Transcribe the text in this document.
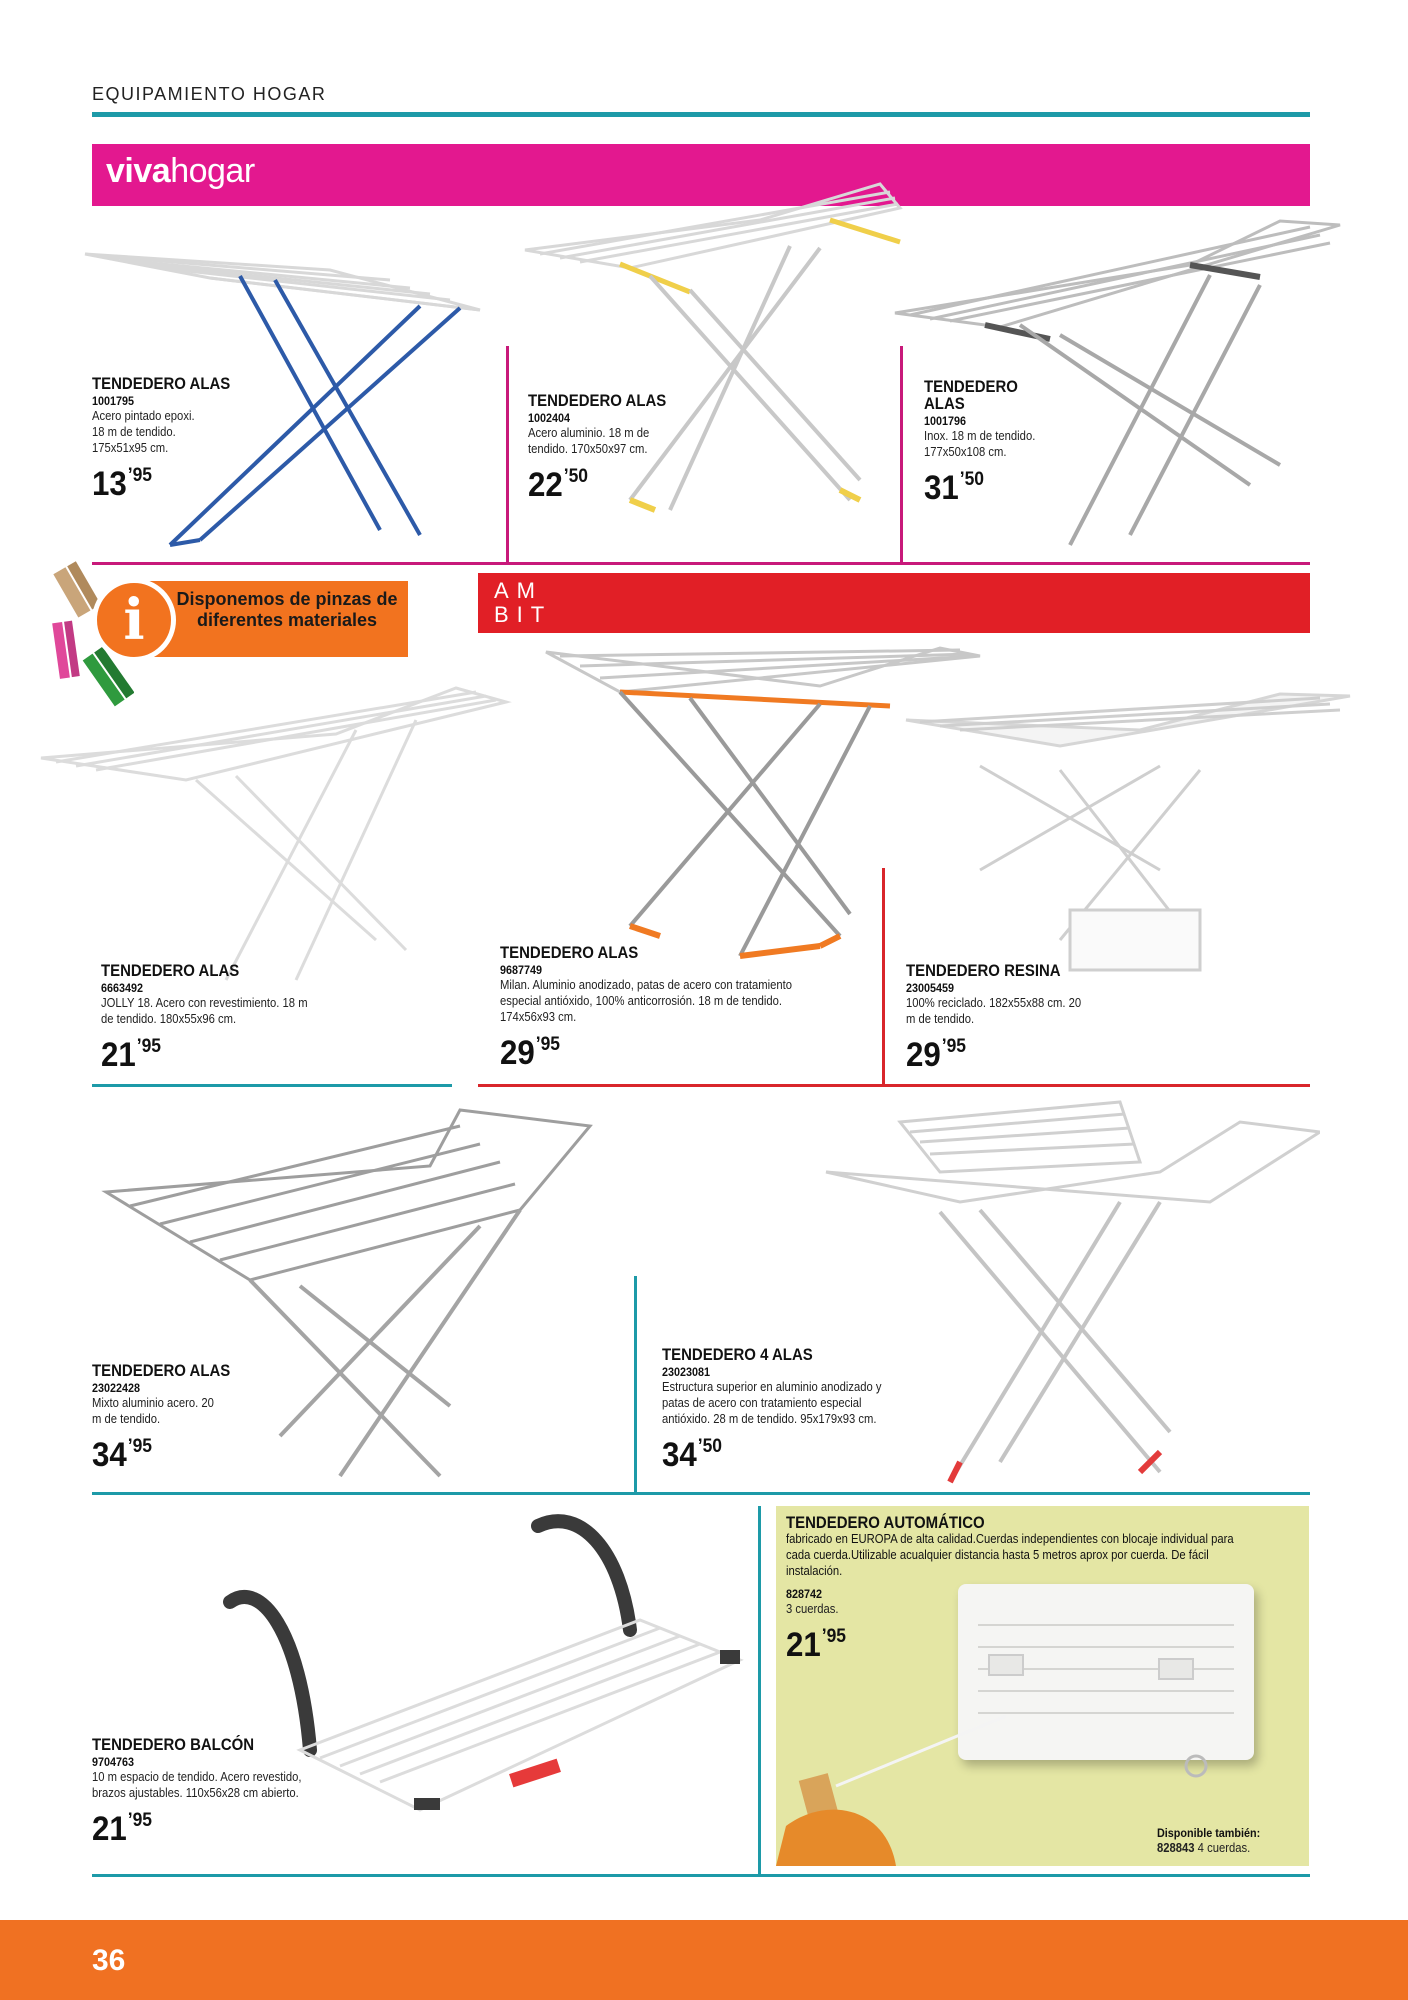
EQUIPAMIENTO HOGAR
vivahogar
TENDEDERO ALAS
1001795
Acero pintado epoxi. 18 m de tendido. 175x51x95 cm.
$13^{’95}$
TENDEDERO ALAS
1002404
Acero aluminio. 18 m de tendido. 170x50x97 cm.
$22^{’50}$
TENDEDERO ALAS
1001796
Inox. 18 m de tendido. 177x50x108 cm.
$31^{’50}$
Disponemos de pinzas de diferentes materiales
i	AM
BIT
TENDEDERO ALAS
6663492
JOLLY 18. Acero con revestimiento. 18 m de tendido. 180x55x96 cm.
$21^{’95}$
TENDEDERO ALAS
9687749
Milan. Aluminio anodizado, patas de acero con tratamiento especial antióxido, 100% anticorrosión. 18 m de tendido. 174x56x93 cm.
$29^{’95}$
TENDEDERO RESINA
23005459
100% reciclado. 182x55x88 cm. 20 m de tendido.
$29^{’95}$
TENDEDERO ALAS
23022428
Mixto aluminio acero. 20 m de tendido.
$34^{’95}$
TENDEDERO 4 ALAS
23023081
Estructura superior en aluminio anodizado y patas de acero con tratamiento especial antióxido. 28 m de tendido. 95x179x93 cm.
$34^{’50}$
TENDEDERO BALCÓN
9704763
10 m espacio de tendido. Acero revestido, brazos ajustables. 110x56x28 cm abierto.
$21^{’95}$
TENDEDERO AUTOMÁTICO
fabricado en EUROPA de alta calidad.Cuerdas independientes con blocaje individual para cada cuerda.Utilizable acualquier distancia hasta 5 metros aprox por cuerda. De fácil instalación.
828742
3 cuerdas.
$21^{’95}$
Disponible también:
828843 4 cuerdas.
36
